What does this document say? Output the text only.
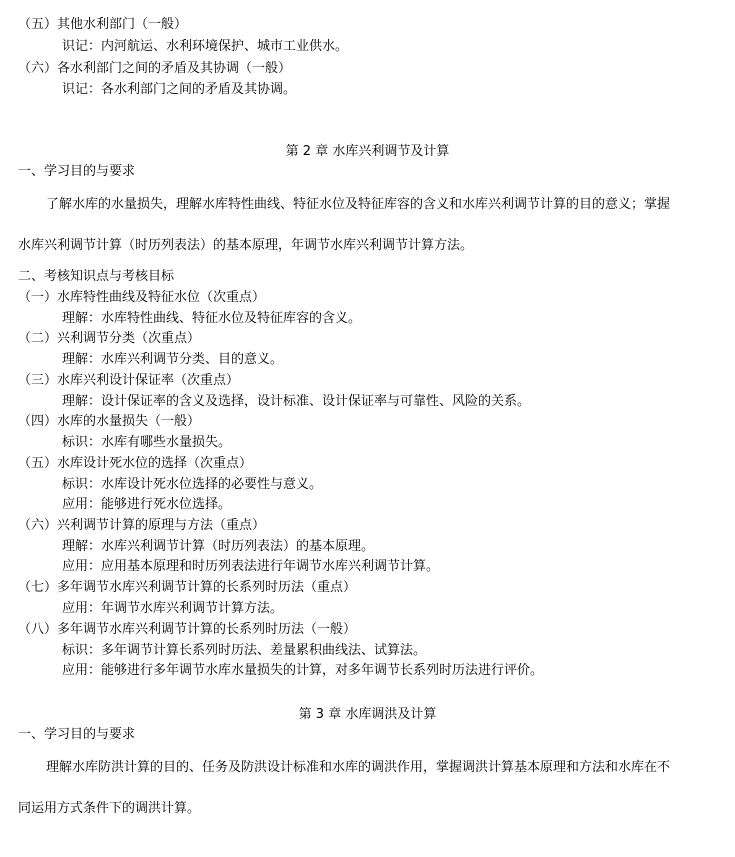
（五）其他水利部门（一般）
识记：内河航运、水利环境保护、城市工业供水。
（六）各水利部门之间的矛盾及其协调（一般）
识记：各水利部门之间的矛盾及其协调。
第 2 章 水库兴利调节及计算
一、学习目的与要求
了解水库的水量损失，理解水库特性曲线、特征水位及特征库容的含义和水库兴利调节计算的目的意义；掌握
水库兴利调节计算（时历列表法）的基本原理，年调节水库兴利调节计算方法。
二、考核知识点与考核目标
（一）水库特性曲线及特征水位（次重点）
理解：水库特性曲线、特征水位及特征库容的含义。
（二）兴利调节分类（次重点）
理解：水库兴利调节分类、目的意义。
（三）水库兴利设计保证率（次重点）
理解：设计保证率的含义及选择，设计标准、设计保证率与可靠性、风险的关系。
（四）水库的水量损失（一般）
标识：水库有哪些水量损失。
（五）水库设计死水位的选择（次重点）
标识：水库设计死水位选择的必要性与意义。
应用：能够进行死水位选择。
（六）兴利调节计算的原理与方法（重点）
理解：水库兴利调节计算（时历列表法）的基本原理。
应用：应用基本原理和时历列表法进行年调节水库兴利调节计算。
（七）多年调节水库兴利调节计算的长系列时历法（重点）
应用：年调节水库兴利调节计算方法。
（八）多年调节水库兴利调节计算的长系列时历法（一般）
标识：多年调节计算长系列时历法、差量累积曲线法、试算法。
应用：能够进行多年调节水库水量损失的计算，对多年调节长系列时历法进行评价。
第 3 章 水库调洪及计算
一、学习目的与要求
理解水库防洪计算的目的、任务及防洪设计标准和水库的调洪作用，掌握调洪计算基本原理和方法和水库在不
同运用方式条件下的调洪计算。
